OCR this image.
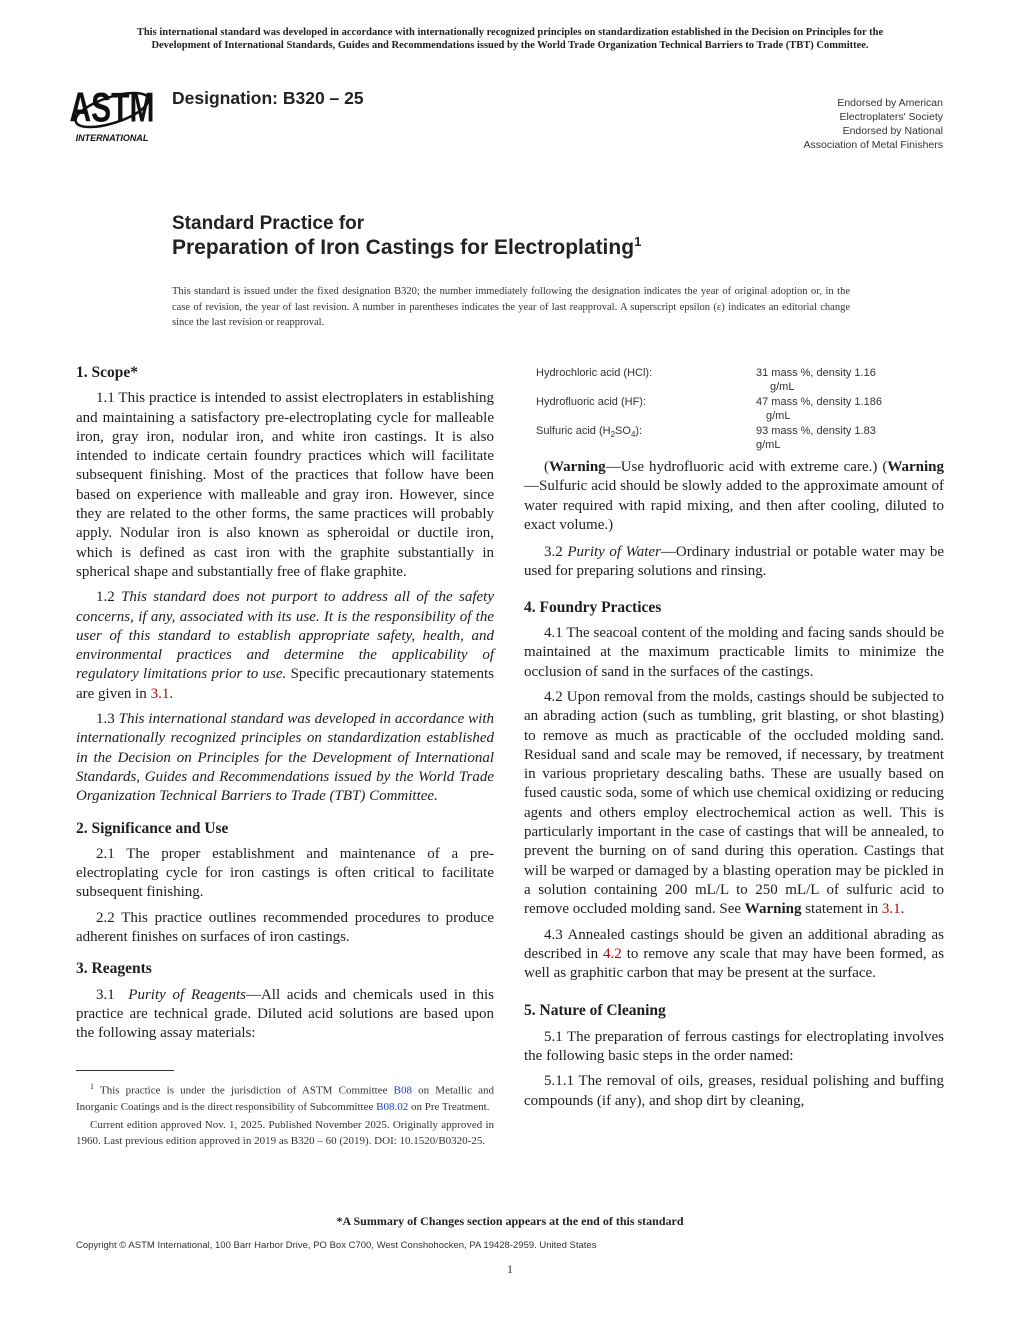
This international standard was developed in accordance with internationally recognized principles on standardization established in the Decision on Principles for the
Development of International Standards, Guides and Recommendations issued by the World Trade Organization Technical Barriers to Trade (TBT) Committee.
ASTM
INTERNATIONAL
Designation: B320 – 25	Endorsed by American
Electroplaters' Society
Endorsed by National
Association of Metal Finishers
Standard Practice for
Preparation of Iron Castings for Electroplating$^1$
This standard is issued under the fixed designation B320; the number immediately following the designation indicates the year of original adoption or, in the case of revision, the year of last revision. A number in parentheses indicates the year of last reapproval. A superscript epsilon (ε) indicates an editorial change since the last revision or reapproval.
1. Scope*

1.1 This practice is intended to assist electroplaters in establishing and maintaining a satisfactory pre-electroplating cycle for malleable iron, gray iron, nodular iron, and white iron castings. It is also intended to indicate certain foundry practices which will facilitate subsequent finishing. Most of the practices that follow have been based on experience with malleable and gray iron. However, since they are related to the other forms, the same practices will probably apply. Nodular iron is also known as spheroidal or ductile iron, which is defined as cast iron with the graphite substantially in spherical shape and substantially free of flake graphite.

1.2 This standard does not purport to address all of the safety concerns, if any, associated with its use. It is the responsibility of the user of this standard to establish appropriate safety, health, and environmental practices and determine the applicability of regulatory limitations prior to use. Specific precautionary statements are given in 3.1.

1.3 This international standard was developed in accordance with internationally recognized principles on standardization established in the Decision on Principles for the Development of International Standards, Guides and Recommendations issued by the World Trade Organization Technical Barriers to Trade (TBT) Committee.

2. Significance and Use

2.1 The proper establishment and maintenance of a pre-electroplating cycle for iron castings is often critical to facilitate subsequent finishing.

2.2 This practice outlines recommended procedures to produce adherent finishes on surfaces of iron castings.

3. Reagents

3.1 Purity of Reagents—All acids and chemicals used in this practice are technical grade. Diluted acid solutions are based upon the following assay materials:

$^1$ This practice is under the jurisdiction of ASTM Committee B08 on Metallic and Inorganic Coatings and is the direct responsibility of Subcommittee B08.02 on Pre Treatment.

Current edition approved Nov. 1, 2025. Published November 2025. Originally approved in 1960. Last previous edition approved in 2019 as B320 – 60 (2019). DOI: 10.1520/B0320-25.

Hydrochloric acid (HCl):	31 mass %, density 1.16
g/mL
Hydrofluoric acid (HF):	47 mass %, density 1.186
g/mL
Sulfuric acid $(H_2SO_4)$:	93 mass %, density 1.83
g/mL

(Warning—Use hydrofluoric acid with extreme care.) (Warning—Sulfuric acid should be slowly added to the approximate amount of water required with rapid mixing, and then after cooling, diluted to exact volume.)

3.2 Purity of Water—Ordinary industrial or potable water may be used for preparing solutions and rinsing.

4. Foundry Practices

4.1 The seacoal content of the molding and facing sands should be maintained at the maximum practicable limits to minimize the occlusion of sand in the surfaces of the castings.

4.2 Upon removal from the molds, castings should be subjected to an abrading action (such as tumbling, grit blasting, or shot blasting) to remove as much as practicable of the occluded molding sand. Residual sand and scale may be removed, if necessary, by treatment in various proprietary descaling baths. These are usually based on fused caustic soda, some of which use chemical oxidizing or reducing agents and others employ electrochemical action as well. This is particularly important in the case of castings that will be annealed, to prevent the burning on of sand during this operation. Castings that will be warped or damaged by a blasting operation may be pickled in a solution containing 200 mL/L to 250 mL/L of sulfuric acid to remove occluded molding sand. See Warning statement in 3.1.

4.3 Annealed castings should be given an additional abrading as described in 4.2 to remove any scale that may have been formed, as well as graphitic carbon that may be present at the surface.

5. Nature of Cleaning

5.1 The preparation of ferrous castings for electroplating involves the following basic steps in the order named:

5.1.1 The removal of oils, greases, residual polishing and buffing compounds (if any), and shop dirt by cleaning,

*A Summary of Changes section appears at the end of this standard
Copyright © ASTM International, 100 Barr Harbor Drive, PO Box C700, West Conshohocken, PA 19428-2959. United States
1
